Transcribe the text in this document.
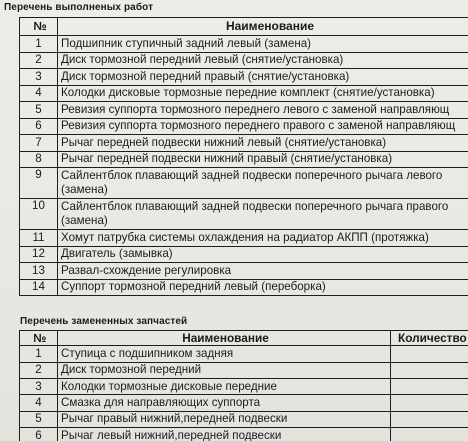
Перечень выполненых работ
№	Наименование
1	Подшипник ступичный задний левый (замена)
2	Диск тормозной передний левый (снятие/установка)
3	Диск тормозной передний правый (снятие/установка)
4	Колодки дисковые тормозные передние комплект (снятие/установка)
5	Ревизия суппорта тормозного переднего левого с заменой направляющ
6	Ревизия суппорта тормозного переднего правого с заменой направляющ
7	Рычаг передней подвески нижний левый (снятие/установка)
8	Рычаг передней подвески нижний правый (снятие/установка)
9	Сайлентблок плавающий задней подвески поперечного рычага левого (замена)
10	Сайлентблок плавающий задней подвески поперечного рычага правого (замена)
11	Хомут патрубка системы охлаждения на радиатор АКПП (протяжка)
12	Двигатель (замывка)
13	Развал-схождение регулировка
14	Суппорт тормозной передний левый (переборка)
Перечень замененных запчастей
№	Наименование	Количество
1	Ступица с подшипником задняя	
2	Диск тормозной передний	
3	Колодки тормозные дисковые передние	
4	Смазка для направляющих суппорта	
5	Рычаг правый нижний,передней подвески	
6	Рычаг левый нижний,передней подвески	
